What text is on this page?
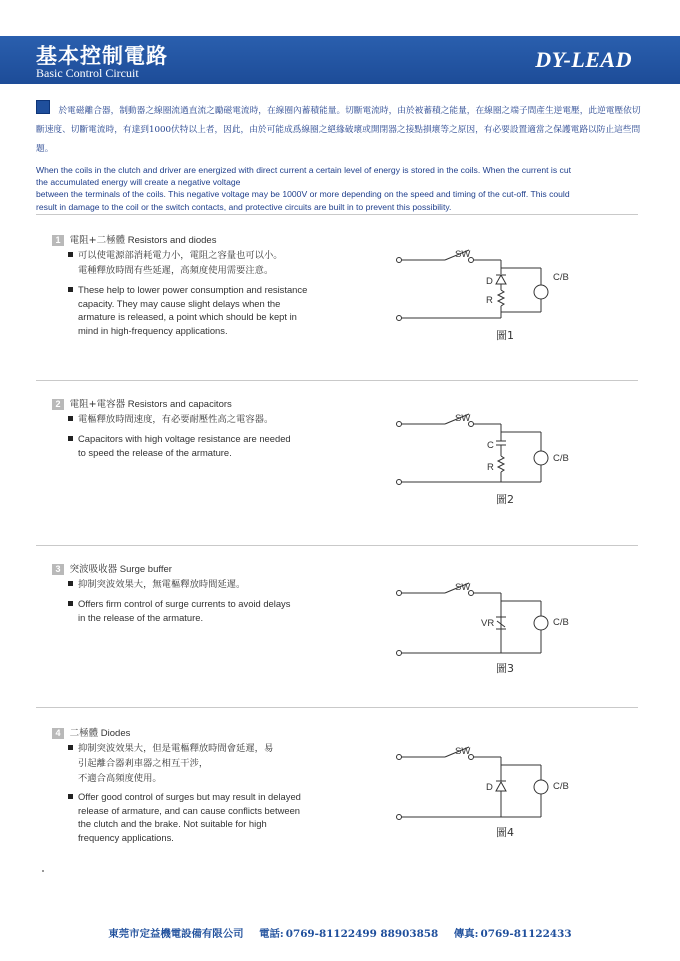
基本控制電路
Basic Control Circuit
DY-LEAD
於電磁離合器，制動器之線圈流過直流之勵磁電流時，在線圈內蓄積能量。切斷電流時，由於被蓄積之能量，在線圈之端子間產生逆電壓，此逆電壓依切斷速度、切斷電流時，有達到1000伏特以上者，因此，由於可能成爲線圈之絕緣破壞或開閉器之接點損壞等之原因，有必要設置適當之保護電路以防止這些問題。
When the coils in the clutch and driver are energized with direct current a certain level of energy is stored in the coils. When the current is cut
the accumulated energy will create a negative voltage
between the terminals of the coils. This negative voltage may be 1000V or more depending on the speed and timing of the cut-off. This could
result in damage to the coil or the switch contacts, and protective circuits are built in to prevent this possibility.
1 電阻+二極體 Resistors and diodes
可以使電源部消耗電力小，電阻之容量也可以小。
電種釋放時間有些延遲，高頻度使用需要注意。
These help to lower power consumption and resistance
capacity. They may cause slight delays when the
armature is released, a point which should be kept in
mind in high-frequency applications.
SW
D
R
C/B
圖1
2 電阻+電容器 Resistors and capacitors
電樞釋放時間速度，有必要耐壓性高之電容器。
Capacitors with high voltage resistance are needed
to speed the release of the armature.
SW
C
R
C/B
圖2
3 突波吸收器 Surge buffer
抑制突波效果大，無電樞釋放時間延遲。
Offers firm control of surge currents to avoid delays
in the release of the armature.
SW
VR	C/B
圖3
4 二極體 Diodes
抑制突波效果大，但是電樞釋放時間會延遲，易
引起離合器剎車器之相互干涉，
不適合高頻度使用。
Offer good control of surges but may result in delayed
release of armature, and can cause conflicts between
the clutch and the brake. Not suitable for high
frequency applications.
SW
D	C/B
圖4
東莞市定益機電設備有限公司 電話: 0769-81122499 88903858 傳真: 0769-81122433
